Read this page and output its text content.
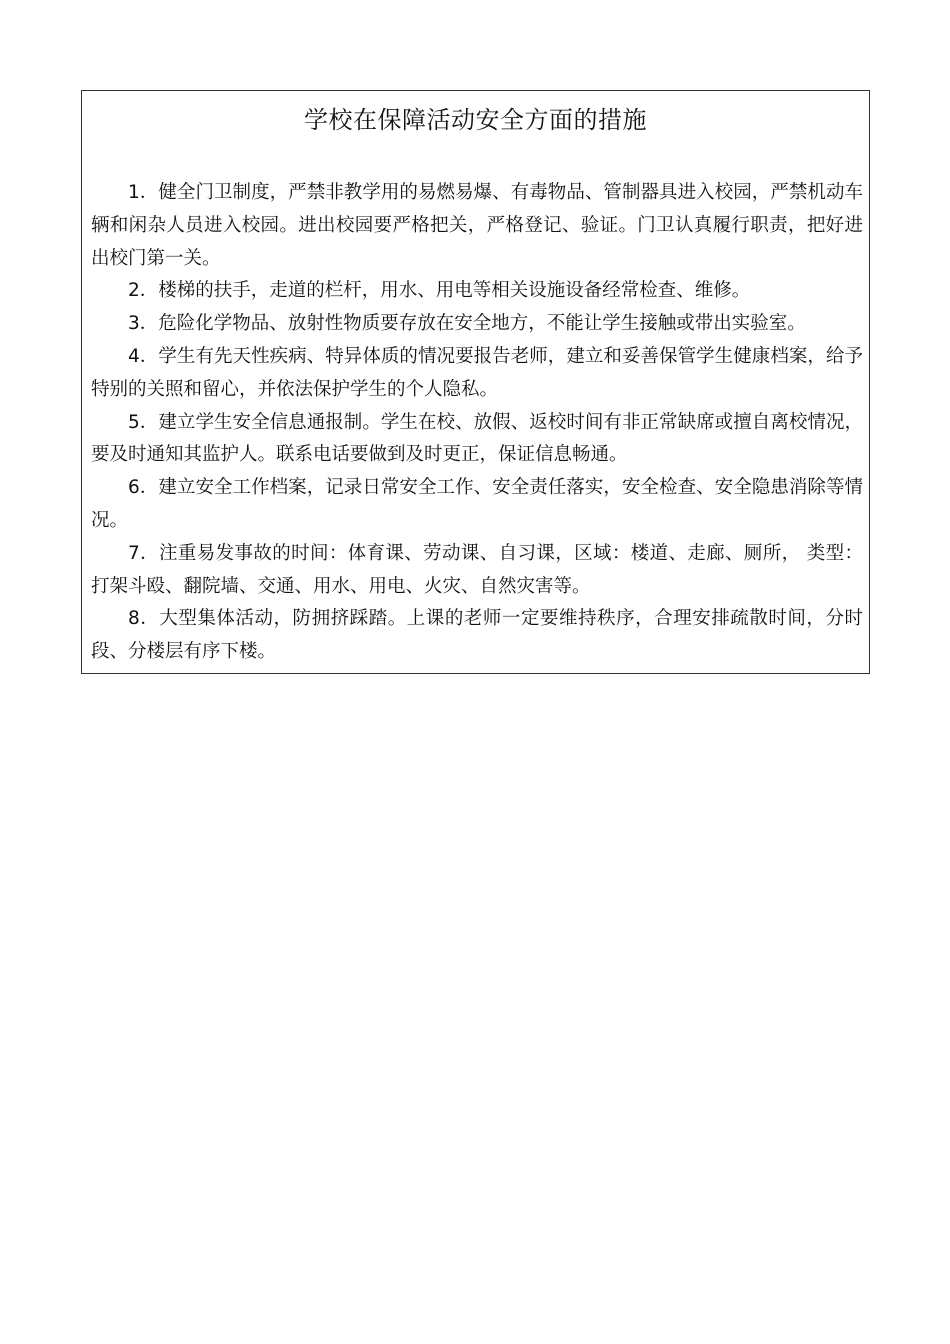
学校在保障活动安全方面的措施

1．健全门卫制度，严禁非教学用的易燃易爆、有毒物品、管制器具进入校园，严禁机动车辆和闲杂人员进入校园。进出校园要严格把关，严格登记、验证。门卫认真履行职责，把好进出校门第一关。

2．楼梯的扶手，走道的栏杆，用水、用电等相关设施设备经常检查、维修。

3．危险化学物品、放射性物质要存放在安全地方，不能让学生接触或带出实验室。

4．学生有先天性疾病、特异体质的情况要报告老师，建立和妥善保管学生健康档案，给予特别的关照和留心，并依法保护学生的个人隐私。

5．建立学生安全信息通报制。学生在校、放假、返校时间有非正常缺席或擅自离校情况，要及时通知其监护人。联系电话要做到及时更正，保证信息畅通。

6．建立安全工作档案，记录日常安全工作、安全责任落实，安全检查、安全隐患消除等情况。

7．注重易发事故的时间：体育课、劳动课、自习课，区域：楼道、走廊、厕所， 类型：打架斗殴、翻院墙、交通、用水、用电、火灾、自然灾害等。

8．大型集体活动，防拥挤踩踏。上课的老师一定要维持秩序，合理安排疏散时间，分时段、分楼层有序下楼。
